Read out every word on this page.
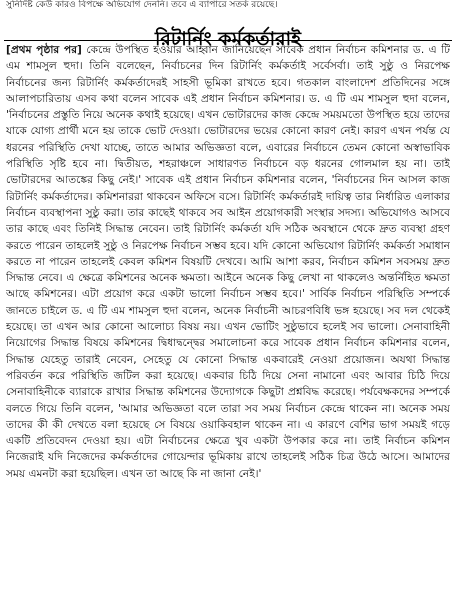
সুনির্দিষ্ট কেউ কারও বিপক্ষে অভিযোগ দেননি। তবে এ ব্যাপারে সতর্ক রয়েছে।
রিটার্নিং কর্মকর্তারাই

[প্রথম পৃষ্ঠার পর] কেন্দ্রে উপস্থিত হওয়ার আহ্বান জানিয়েছেন সাবেক প্রধান নির্বাচন কমিশনার ড. এ টি এম শামসুল হুদা। তিনি বলেছেন, নির্বাচনের দিন রিটার্নিং কর্মকর্তাই সর্বেসর্বা। তাই সুষ্ঠু ও নিরপেক্ষ নির্বাচনের জন্য রিটার্নিং কর্মকর্তাদেরই সাহসী ভূমিকা রাখতে হবে। গতকাল বাংলাদেশ প্রতিদিনের সঙ্গে আলাপচারিতায় এসব কথা বলেন সাবেক এই প্রধান নির্বাচন কমিশনার। ড. এ টি এম শামসুল হুদা বলেন, 'নির্বাচনের প্রস্তুতি নিয়ে অনেক কথাই হয়েছে। এখন ভোটারদের কাজ কেন্দ্রে সময়মতো উপস্থিত হয়ে তাদের যাকে যোগ্য প্রার্থী মনে হয় তাকে ভোট দেওয়া। ভোটারদের ভয়ের কোনো কারণ নেই। কারণ এখন পর্যন্ত যে ধরনের পরিস্থিতি দেখা যাচ্ছে, তাতে আমার অভিজ্ঞতা বলে, এবারের নির্বাচনে তেমন কোনো অস্বাভাবিক পরিস্থিতি সৃষ্টি হবে না। দ্বিতীয়ত, শহরাঞ্চলে সাধারণত নির্বাচনে বড় ধরনের গোলমাল হয় না। তাই ভোটারদের আতঙ্কের কিছু নেই।' সাবেক এই প্রধান নির্বাচন কমিশনার বলেন, 'নির্বাচনের দিন আসল কাজ রিটার্নিং কর্মকর্তাদের। কমিশনাররা থাকবেন অফিসে বসে। রিটার্নিং কর্মকর্তারই দায়িত্ব তার নির্ধারিত এলাকার নির্বাচন ব্যবস্থাপনা সুষ্ঠু করা। তার কাছেই থাকবে সব আইন প্রয়োগকারী সংস্থার সদস্য। অভিযোগও আসবে তার কাছে এবং তিনিই সিদ্ধান্ত নেবেন। তাই রিটার্নিং কর্মকর্তা যদি সঠিক অবস্থানে থেকে দ্রুত ব্যবস্থা গ্রহণ করতে পারেন তাহলেই সুষ্ঠু ও নিরপেক্ষ নির্বাচন সম্ভব হবে। যদি কোনো অভিযোগ রিটার্নিং কর্মকর্তা সমাধান করতে না পারেন তাহলেই কেবল কমিশন বিষয়টি দেখবে। আমি আশা করব, নির্বাচন কমিশন সবসময় দ্রুত সিদ্ধান্ত নেবে। এ ক্ষেত্রে কমিশনের অনেক ক্ষমতা। আইনে অনেক কিছু লেখা না থাকলেও অন্তর্নিহিত ক্ষমতা আছে কমিশনের। এটা প্রয়োগ করে একটা ভালো নির্বাচন সম্ভব হবে।' সার্বিক নির্বাচন পরিস্থিতি সম্পর্কে জানতে চাইলে ড. এ টি এম শামসুল হুদা বলেন, অনেক নির্বাচনী আচরণবিধি ভঙ্গ হয়েছে। সব দল থেকেই হয়েছে। তা এখন আর কোনো আলোচ্য বিষয় নয়। এখন ভোটিং সুষ্ঠুভাবে হলেই সব ভালো। সেনাবাহিনী নিয়োগের সিদ্ধান্ত বিষয়ে কমিশনের দ্বিধাদ্বন্দ্বের সমালোচনা করে সাবেক প্রধান নির্বাচন কমিশনার বলেন, সিদ্ধান্ত যেহেতু তারাই নেবেন, সেহেতু যে কোনো সিদ্ধান্ত একবারেই নেওয়া প্রয়োজন। অযথা সিদ্ধান্ত পরিবর্তন করে পরিস্থিতি জটিল করা হয়েছে। একবার চিঠি দিয়ে সেনা নামানো এবং আবার চিঠি দিয়ে সেনাবাহিনীকে ব্যারাকে রাখার সিদ্ধান্ত কমিশনের উদ্যোগকে কিছুটা প্রশ্নবিদ্ধ করেছে। পর্যবেক্ষকদের সম্পর্কে বলতে গিয়ে তিনি বলেন, 'আমার অভিজ্ঞতা বলে তারা সব সময় নির্বাচন কেন্দ্রে থাকেন না। অনেক সময় তাদের কী কী দেখতে বলা হয়েছে সে বিষয়ে ওয়াকিবহাল থাকেন না। এ কারণে বেশির ভাগ সময়ই গড়ে একটি প্রতিবেদন দেওয়া হয়। এটা নির্বাচনের ক্ষেত্রে খুব একটা উপকার করে না। তাই নির্বাচন কমিশন নিজেরাই যদি নিজেদের কর্মকর্তাদের গোয়েন্দার ভূমিকায় রাখে তাহলেই সঠিক চিত্র উঠে আসে। আমাদের সময় এমনটা করা হয়েছিল। এখন তা আছে কি না জানা নেই।'
